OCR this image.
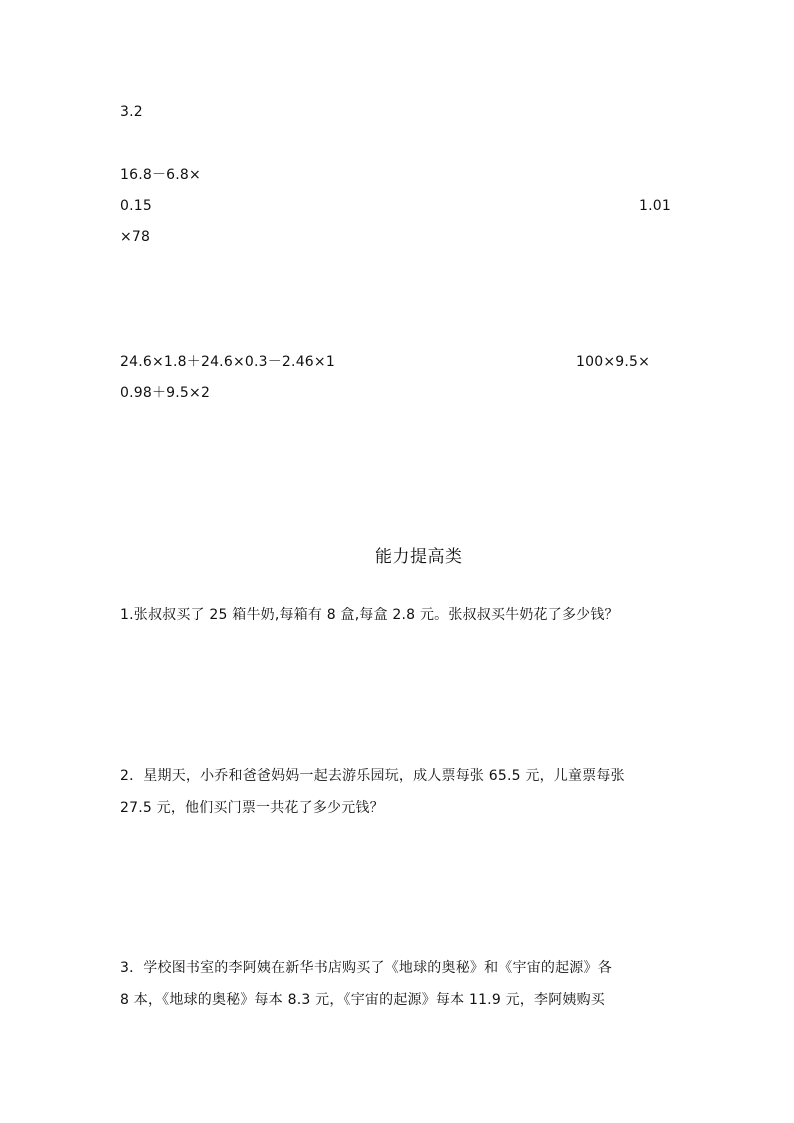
3.2
16.8－6.8×
0.15	1.01
×78
24.6×1.8＋24.6×0.3－2.46×1	100×9.5×
0.98＋9.5×2
能力提高类
1.张叔叔买了 25 箱牛奶,每箱有 8 盒,每盒 2.8 元。张叔叔买牛奶花了多少钱？
2．星期天，小乔和爸爸妈妈一起去游乐园玩，成人票每张 65.5 元，儿童票每张
27.5 元，他们买门票一共花了多少元钱？
3．学校图书室的李阿姨在新华书店购买了《地球的奥秘》和《宇宙的起源》各
8 本，《地球的奥秘》每本 8.3 元，《宇宙的起源》每本 11.9 元，李阿姨购买
